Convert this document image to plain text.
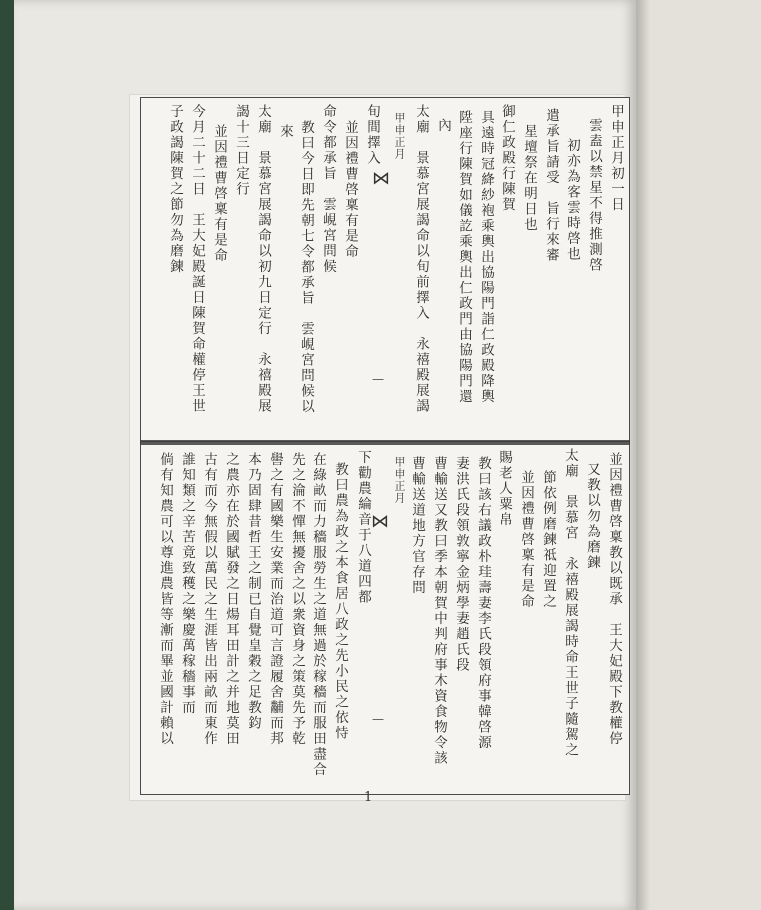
甲申正月初一日
雲盍以禁星不得推測啓
初亦為客雲時啓也
遣承旨請受　旨行來審
星壇祭在明日也
御仁政殿行陳賀
具遠時冠絳紗袍乘輿出協陽門詣仁政殿降輿
陞座行陳賀如儀訖乘輿出仁政門由協陽門還
內
太廟　景慕宮展謁命以旬前擇入　永禧殿展謁
甲申正月
⋈
旬間擇入
並因禮曹啓稟有是命
命令都承旨　雲峴宮問候
教曰今日即先朝七令都承旨　雲峴宮問候以
來
太廟　景慕宮展謁命以初九日定行　永禧殿展
謁十三日定行
並因禮曹啓稟有是命
今月二十二日　王大妃殿誕日陳賀命權停王世
子政謁陳賀之節勿為磨鍊
—
並因禮曹啓稟教以既承　王大妃殿下教權停
又教以勿為磨鍊
太廟　景慕宮　永禧殿展謁時命王世子隨駕之
節依例磨鍊祗迎置之
並因禮曹啓稟有是命
賜老人粟帛
教曰該右議政朴珪壽妻李氏段領府事韓啓源
妻洪氏段領敦寧金炳學妻趙氏段
曹輸送又教曰季本朝賀中判府事木資食物令該
曹輸送道地方官存問
甲申正月
⋈
下勸農綸音于八道四都
教曰農為政之本食居八政之先小民之依恃
在綠畝而力穡服勞生之道無過於稼穡而服田盡合
先之淪不憚無擾舍之以衆資身之策莫先予乾
嚳之有國樂生安業而治道可言證履舍黼而邦
本乃固肆昔哲王之制已自覺皇穀之足教鈞
之農亦在於國賦發之日煬耳田計之并地莫田
古有而今無假以萬民之生涯皆出兩畝而東作
誰知類之辛苦竟致穫之樂慶萬稼穡事而
倘有知農可以尊進農皆等漸而畢並國計賴以	—
1
